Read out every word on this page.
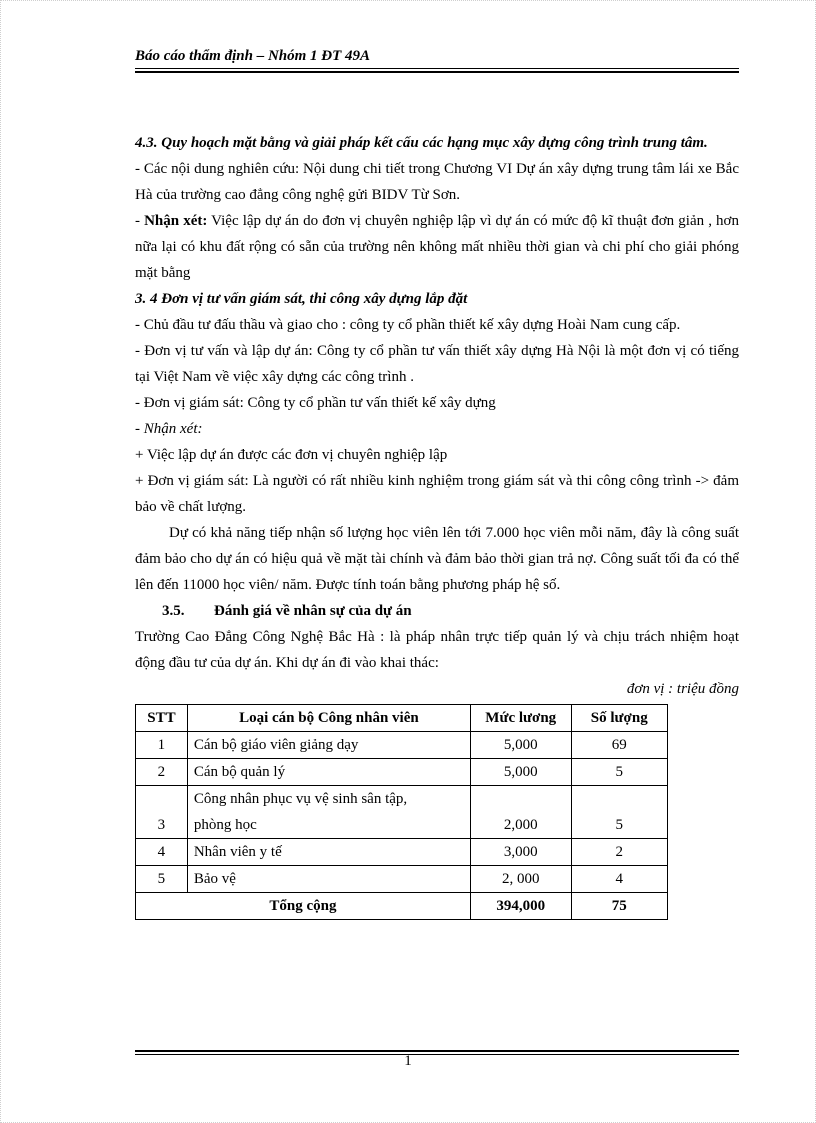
Báo cáo thẩm định – Nhóm 1 ĐT 49A

4.3. Quy hoạch mặt bằng và giải pháp kết cấu các hạng mục xây dựng công trình trung tâm.

- Các nội dung nghiên cứu: Nội dung chi tiết trong Chương VI Dự án xây dựng trung tâm lái xe Bắc Hà của trường cao đẳng công nghệ gửi BIDV Từ Sơn.

- Nhận xét: Việc lập dự án do đơn vị chuyên nghiệp lập vì dự án có mức độ kĩ thuật đơn giản , hơn nữa lại có khu đất rộng có sẵn của trường nên không mất nhiều thời gian và chi phí cho giải phóng mặt bằng

3. 4 Đơn vị tư vấn giám sát, thi công xây dựng lắp đặt

- Chủ đầu tư đấu thầu và giao cho : công ty cổ phần thiết kế xây dựng Hoài Nam cung cấp.

- Đơn vị tư vấn và lập dự án: Công ty cổ phần tư vấn thiết xây dựng Hà Nội là một đơn vị có tiếng tại Việt Nam về việc xây dựng các công trình .

- Đơn vị giám sát: Công ty cổ phần tư vấn thiết kế xây dựng

- Nhận xét:

+ Việc lập dự án được các đơn vị chuyên nghiệp lập

+ Đơn vị giám sát: Là người có rất nhiều kinh nghiệm trong giám sát và thi công công trình -> đảm bảo về chất lượng.

Dự có khả năng tiếp nhận số lượng học viên lên tới 7.000 học viên mỗi năm, đây là công suất đảm bảo cho dự án có hiệu quả về mặt tài chính và đảm bảo thời gian trả nợ. Công suất tối đa có thể lên đến 11000 học viên/ năm. Được tính toán bằng phương pháp hệ số.

3.5. Đánh giá về nhân sự của dự án

Trường Cao Đẳng Công Nghệ Bắc Hà : là pháp nhân trực tiếp quản lý và chịu trách nhiệm hoạt động đầu tư của dự án. Khi dự án đi vào khai thác:

đơn vị : triệu đồng

STT	Loại cán bộ Công nhân viên	Mức lương	Số lượng
1	Cán bộ giáo viên giảng dạy	5,000	69
2	Cán bộ quản lý	5,000	5
3	Công nhân phục vụ vệ sinh sân tập,
phòng học	2,000	5
4	Nhân viên y tế	3,000	2
5	Bảo vệ	2, 000	4
Tổng cộng		394,000	75
1
